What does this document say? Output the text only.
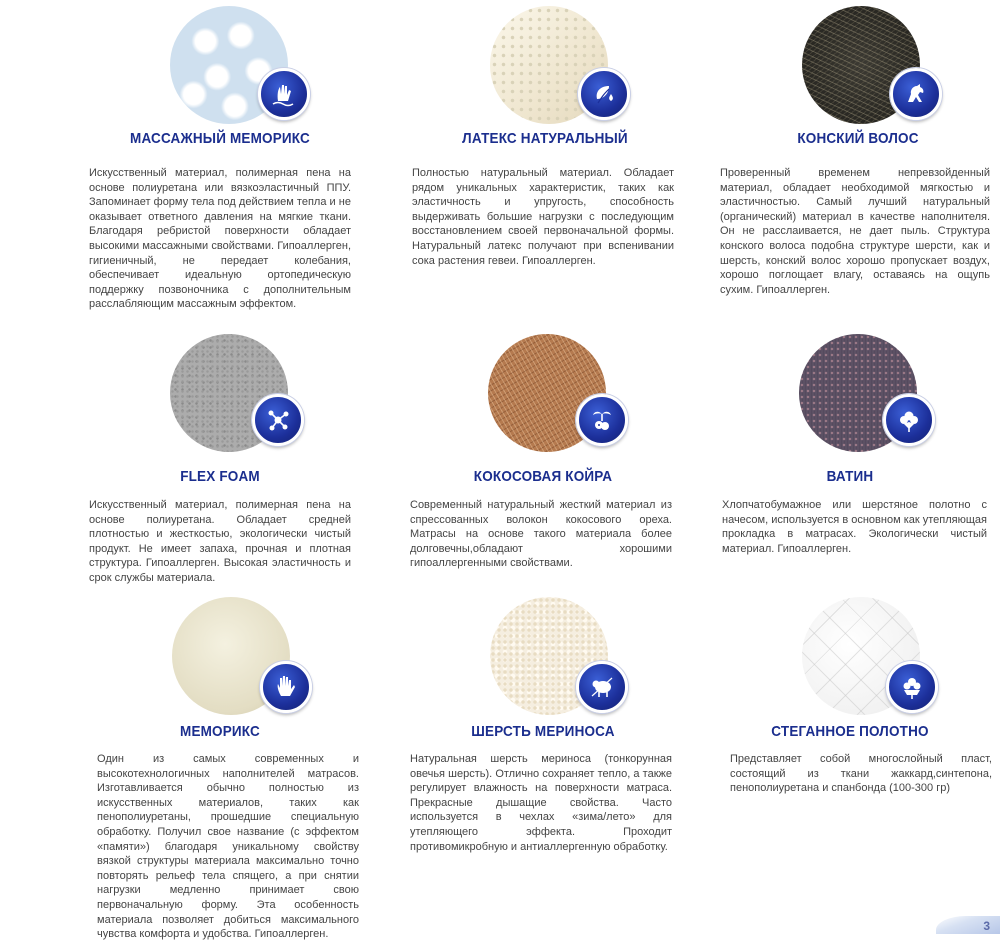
МАССАЖНЫЙ МЕМОРИКС

Искусственный материал, полимерная пена на основе полиуретана или вязкоэластичный ППУ. Запоминает форму тела под действием тепла и не оказывает ответного давления на мягкие ткани. Благодаря ребристой поверхности обладает высокими массажными свойствами. Гипоаллерген, гигиеничный, не передает колебания, обеспечивает идеальную ортопедическую поддержку позвоночника с дополнительным расслабляющим массажным эффектом.

ЛАТЕКС НАТУРАЛЬНЫЙ

Полностью натуральный материал. Обладает рядом уникальных характеристик, таких как эластичность и упругость, способность выдерживать большие нагрузки с последующим восстановлением своей первоначальной формы. Натуральный латекс получают при вспенивании сока растения гевеи. Гипоаллерген.

КОНСКИЙ ВОЛОС

Проверенный временем непревзойденный материал, обладает необходимой мягкостью и эластичностью. Самый лучший натуральный (органический) материал в качестве наполнителя. Он не расслаивается, не дает пыль. Структура конского волоса подобна структуре шерсти, как и шерсть, конский волос хорошо пропускает воздух, хорошо поглощает влагу, оставаясь на ощупь сухим. Гипоаллерген.

FLEX FOAM

Искусственный материал, полимерная пена на основе полиуретана. Обладает средней плотностью и жесткостью, экологически чистый продукт. Не имеет запаха, прочная и плотная структура. Гипоаллерген. Высокая эластичность и срок службы материала.

КОКОСОВАЯ КОЙРА

Современный натуральный жесткий материал из спрессованных волокон кокосового ореха. Матрасы на основе такого материала более долговечны,обладают хорошими гипоаллергенными свойствами.

ВАТИН

Хлопчатобумажное или шерстяное полотно с начесом, используется в основном как утепляющая прокладка в матрасах. Экологически чистый материал. Гипоаллерген.

МЕМОРИКС

Один из самых современных и высокотехнологичных наполнителей матрасов. Изготавливается обычно полностью из искусственных материалов, таких как пенополиуретаны, прошедшие специальную обработку. Получил свое название (с эффектом «памяти») благодаря уникальному свойству вязкой структуры материала максимально точно повторять рельеф тела спящего, а при снятии нагрузки медленно принимает свою первоначальную форму. Эта особенность материала позволяет добиться максимального чувства комфорта и удобства. Гипоаллерген.

ШЕРСТЬ МЕРИНОСА

Натуральная шерсть мериноса (тонкорунная овечья шерсть). Отлично сохраняет тепло, а также регулирует влажность на поверхности матраса. Прекрасные дышащие свойства. Часто используется в чехлах «зима/лето» для утепляющего эффекта. Проходит противомикробную и антиаллергенную обработку.

СТЕГАННОЕ ПОЛОТНО

Представляет собой многослойный пласт, состоящий из ткани жаккард,синтепона, пенополиуретана и спанбонда (100-300 гр)

3
